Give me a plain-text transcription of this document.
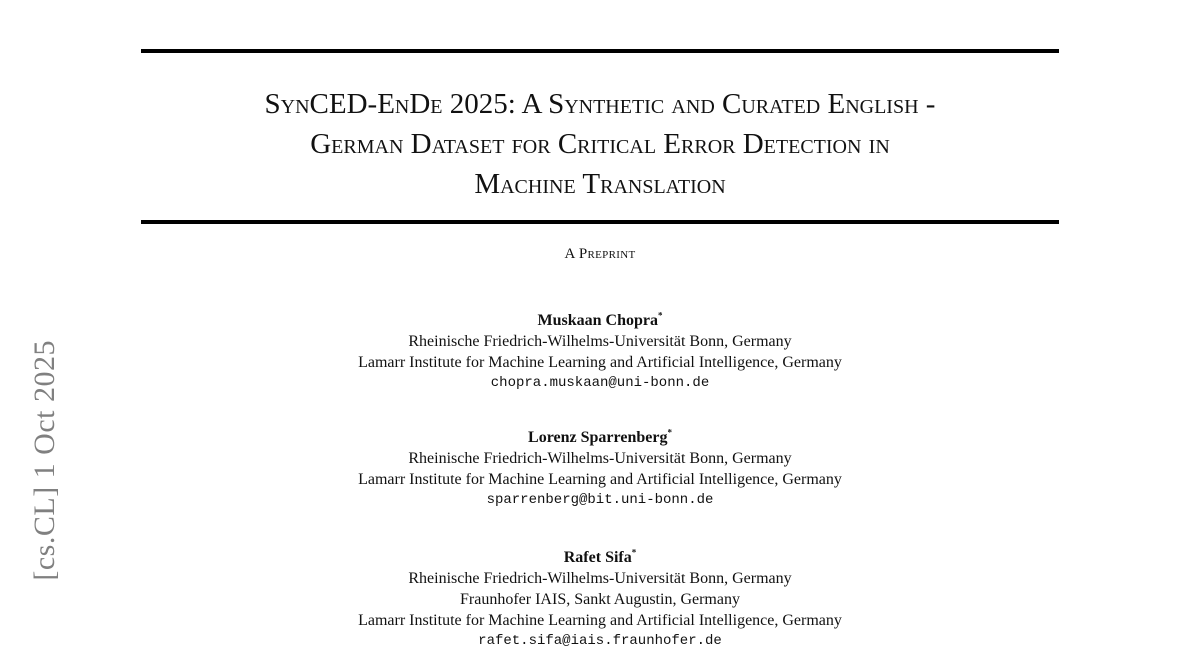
[cs.CL] 1 Oct 2025
SynCED-EnDe 2025: A Synthetic and Curated English -
German Dataset for Critical Error Detection in
Machine Translation
A Preprint
Muskaan Chopra*
Rheinische Friedrich-Wilhelms-Universität Bonn, Germany
Lamarr Institute for Machine Learning and Artificial Intelligence, Germany
chopra.muskaan@uni-bonn.de
Lorenz Sparrenberg*
Rheinische Friedrich-Wilhelms-Universität Bonn, Germany
Lamarr Institute for Machine Learning and Artificial Intelligence, Germany
sparrenberg@bit.uni-bonn.de
Rafet Sifa*
Rheinische Friedrich-Wilhelms-Universität Bonn, Germany
Fraunhofer IAIS, Sankt Augustin, Germany
Lamarr Institute for Machine Learning and Artificial Intelligence, Germany
rafet.sifa@iais.fraunhofer.de
